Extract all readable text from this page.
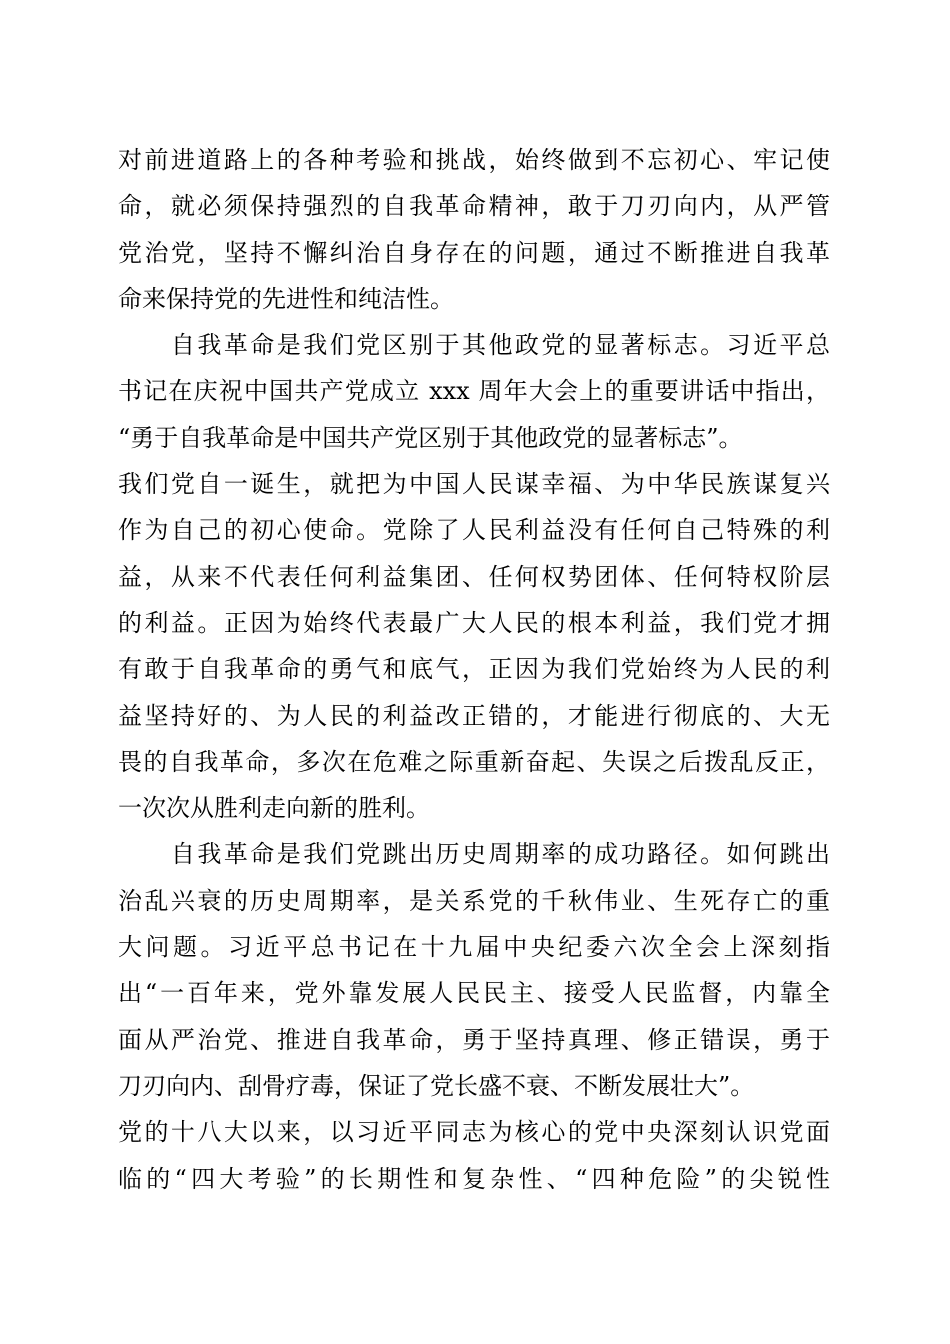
对前进道路上的各种考验和挑战，始终做到不忘初心、牢记使
命，就必须保持强烈的自我革命精神，敢于刀刃向内，从严管
党治党，坚持不懈纠治自身存在的问题，通过不断推进自我革
命来保持党的先进性和纯洁性。
　　自我革命是我们党区别于其他政党的显著标志。习近平总
书记在庆祝中国共产党成立 xxx 周年大会上的重要讲话中指出，
“勇于自我革命是中国共产党区别于其他政党的显著标志”。
我们党自一诞生，就把为中国人民谋幸福、为中华民族谋复兴
作为自己的初心使命。党除了人民利益没有任何自己特殊的利
益，从来不代表任何利益集团、任何权势团体、任何特权阶层
的利益。正因为始终代表最广大人民的根本利益，我们党才拥
有敢于自我革命的勇气和底气，正因为我们党始终为人民的利
益坚持好的、为人民的利益改正错的，才能进行彻底的、大无
畏的自我革命，多次在危难之际重新奋起、失误之后拨乱反正，
一次次从胜利走向新的胜利。
　　自我革命是我们党跳出历史周期率的成功路径。如何跳出
治乱兴衰的历史周期率，是关系党的千秋伟业、生死存亡的重
大问题。习近平总书记在十九届中央纪委六次全会上深刻指
出“一百年来，党外靠发展人民民主、接受人民监督，内靠全
面从严治党、推进自我革命，勇于坚持真理、修正错误，勇于
刀刃向内、刮骨疗毒，保证了党长盛不衰、不断发展壮大”。
党的十八大以来，以习近平同志为核心的党中央深刻认识党面
临的“四大考验”的长期性和复杂性、“四种危险”的尖锐性
